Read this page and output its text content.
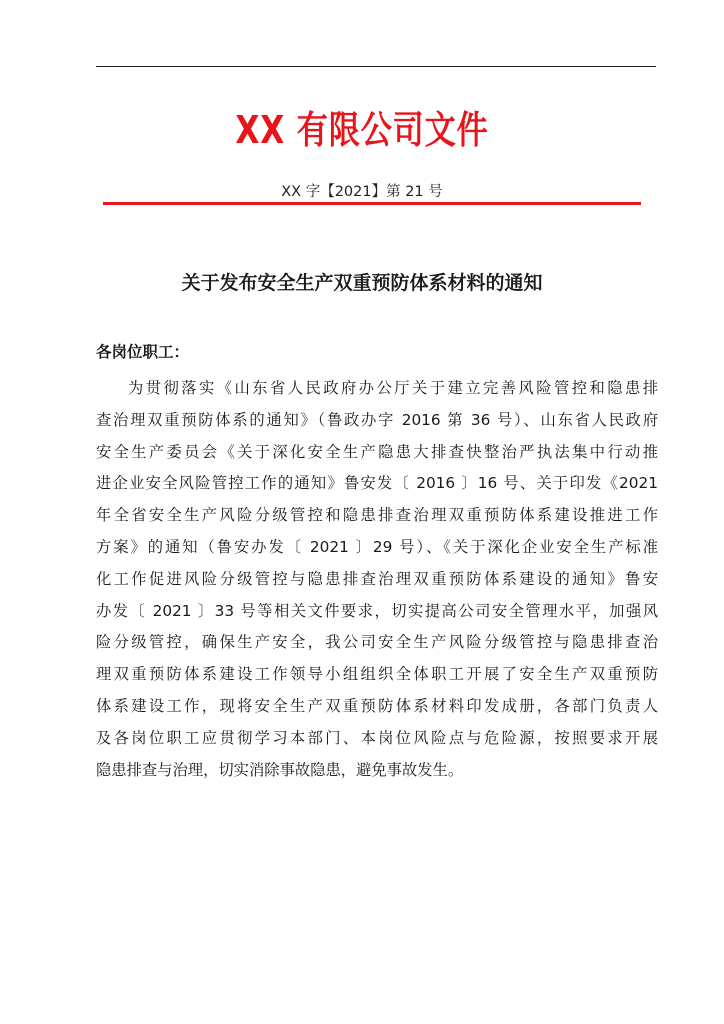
XX 有限公司文件
XX 字【2021】第 21 号
关于发布安全生产双重预防体系材料的通知
各岗位职工：
为贯彻落实《山东省人民政府办公厅关于建立完善风险管控和隐患排
查治理双重预防体系的通知》（鲁政办字 2016 第 36 号）、山东省人民政府
安全生产委员会《关于深化安全生产隐患大排查快整治严执法集中行动推
进企业安全风险管控工作的通知》鲁安发〔 2016 〕16 号、关于印发《2021
年全省安全生产风险分级管控和隐患排查治理双重预防体系建设推进工作
方案》的通知（鲁安办发〔 2021 〕29 号）、《关于深化企业安全生产标准
化工作促进风险分级管控与隐患排查治理双重预防体系建设的通知》鲁安
办发〔 2021 〕33 号等相关文件要求，切实提高公司安全管理水平，加强风
险分级管控，确保生产安全，我公司安全生产风险分级管控与隐患排查治
理双重预防体系建设工作领导小组组织全体职工开展了安全生产双重预防
体系建设工作，现将安全生产双重预防体系材料印发成册，各部门负责人
及各岗位职工应贯彻学习本部门、本岗位风险点与危险源，按照要求开展
隐患排查与治理，切实消除事故隐患，避免事故发生。
